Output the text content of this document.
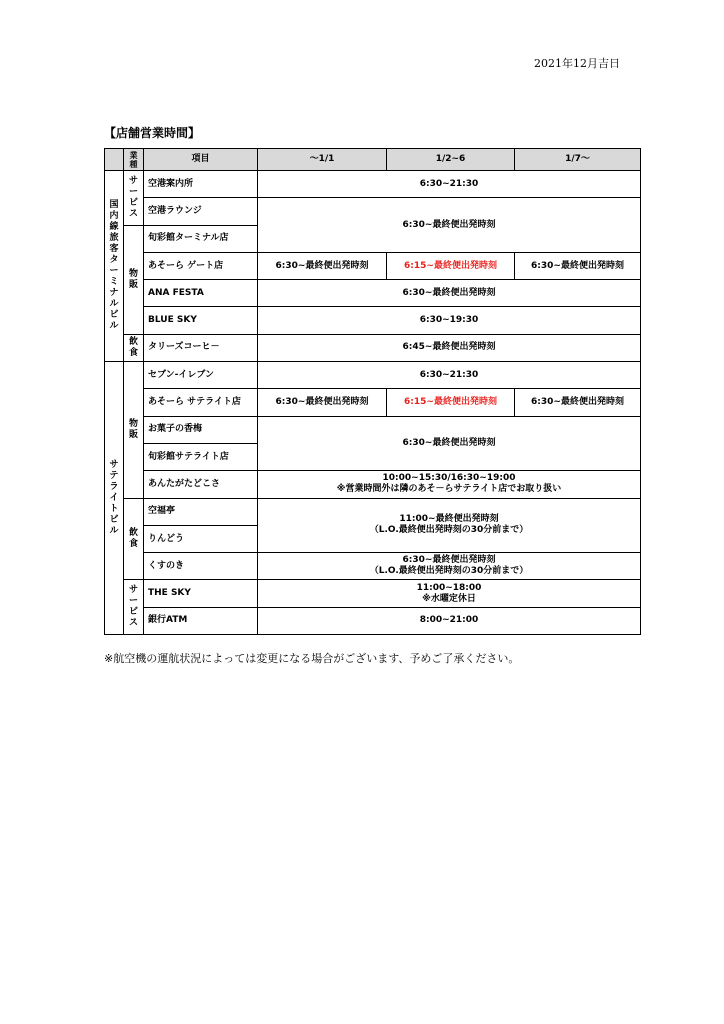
2021年12月吉日
【店舗営業時間】
	業種	項目	～1/1	1/2~6	1/7～
国内線旅客ターミナルビル	サービス	空港案内所	6:30~21:30		
		空港ラウンジ	6:30~最終便出発時刻		
	物販	旬彩館ターミナル店			
		あそーら ゲート店	6:30~最終便出発時刻	6:15~最終便出発時刻	6:30~最終便出発時刻
		ANA FESTA	6:30~最終便出発時刻		
		BLUE SKY	6:30~19:30		
	飲食	タリーズコーヒ－	6:45~最終便出発時刻		
サテライトビル	物販	セブン-イレブン	6:30~21:30		
		あそーら サテライト店	6:30~最終便出発時刻	6:15~最終便出発時刻	6:30~最終便出発時刻
		お菓子の香梅	6:30~最終便出発時刻		
		旬彩館サテライト店			
		あんたがたどこさ	10:00~15:30/16:30~19:00
※営業時間外は隣のあそ－らサテライト店でお取り扱い		

	飲食	空福亭	11:00~最終便出発時刻
（L.O.最終便出発時刻の30分前まで）		

		りんどう			
		くすのき	6:30~最終便出発時刻
（L.O.最終便出発時刻の30分前まで）		

	サービス	THE SKY	11:00~18:00
※水曜定休日		

		銀行ATM	8:00~21:00		
※航空機の運航状況によっては変更になる場合がございます、予めご了承ください。
